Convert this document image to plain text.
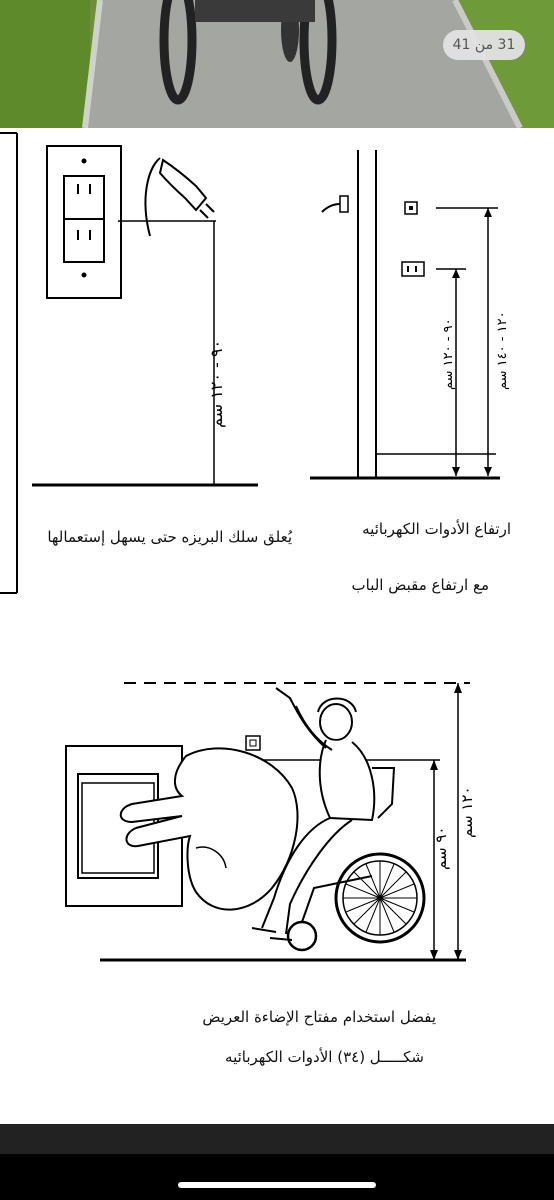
31 من 41
٩٠ - ١٢٠ سم
٩٠ - ١٢٠ سم
١٢٠ - ١٤٠ سم
٩٠ سم ١٢٠ سم
يُعلق سلك البريزه حتى يسهل إستعمالها	ارتفاع الأدوات الكهربائيه
مع ارتفاع مقبض الباب
يفضل استخدام مفتاح الإضاءة العريض
شكـــــل (٣٤) الأدوات الكهربائيه
